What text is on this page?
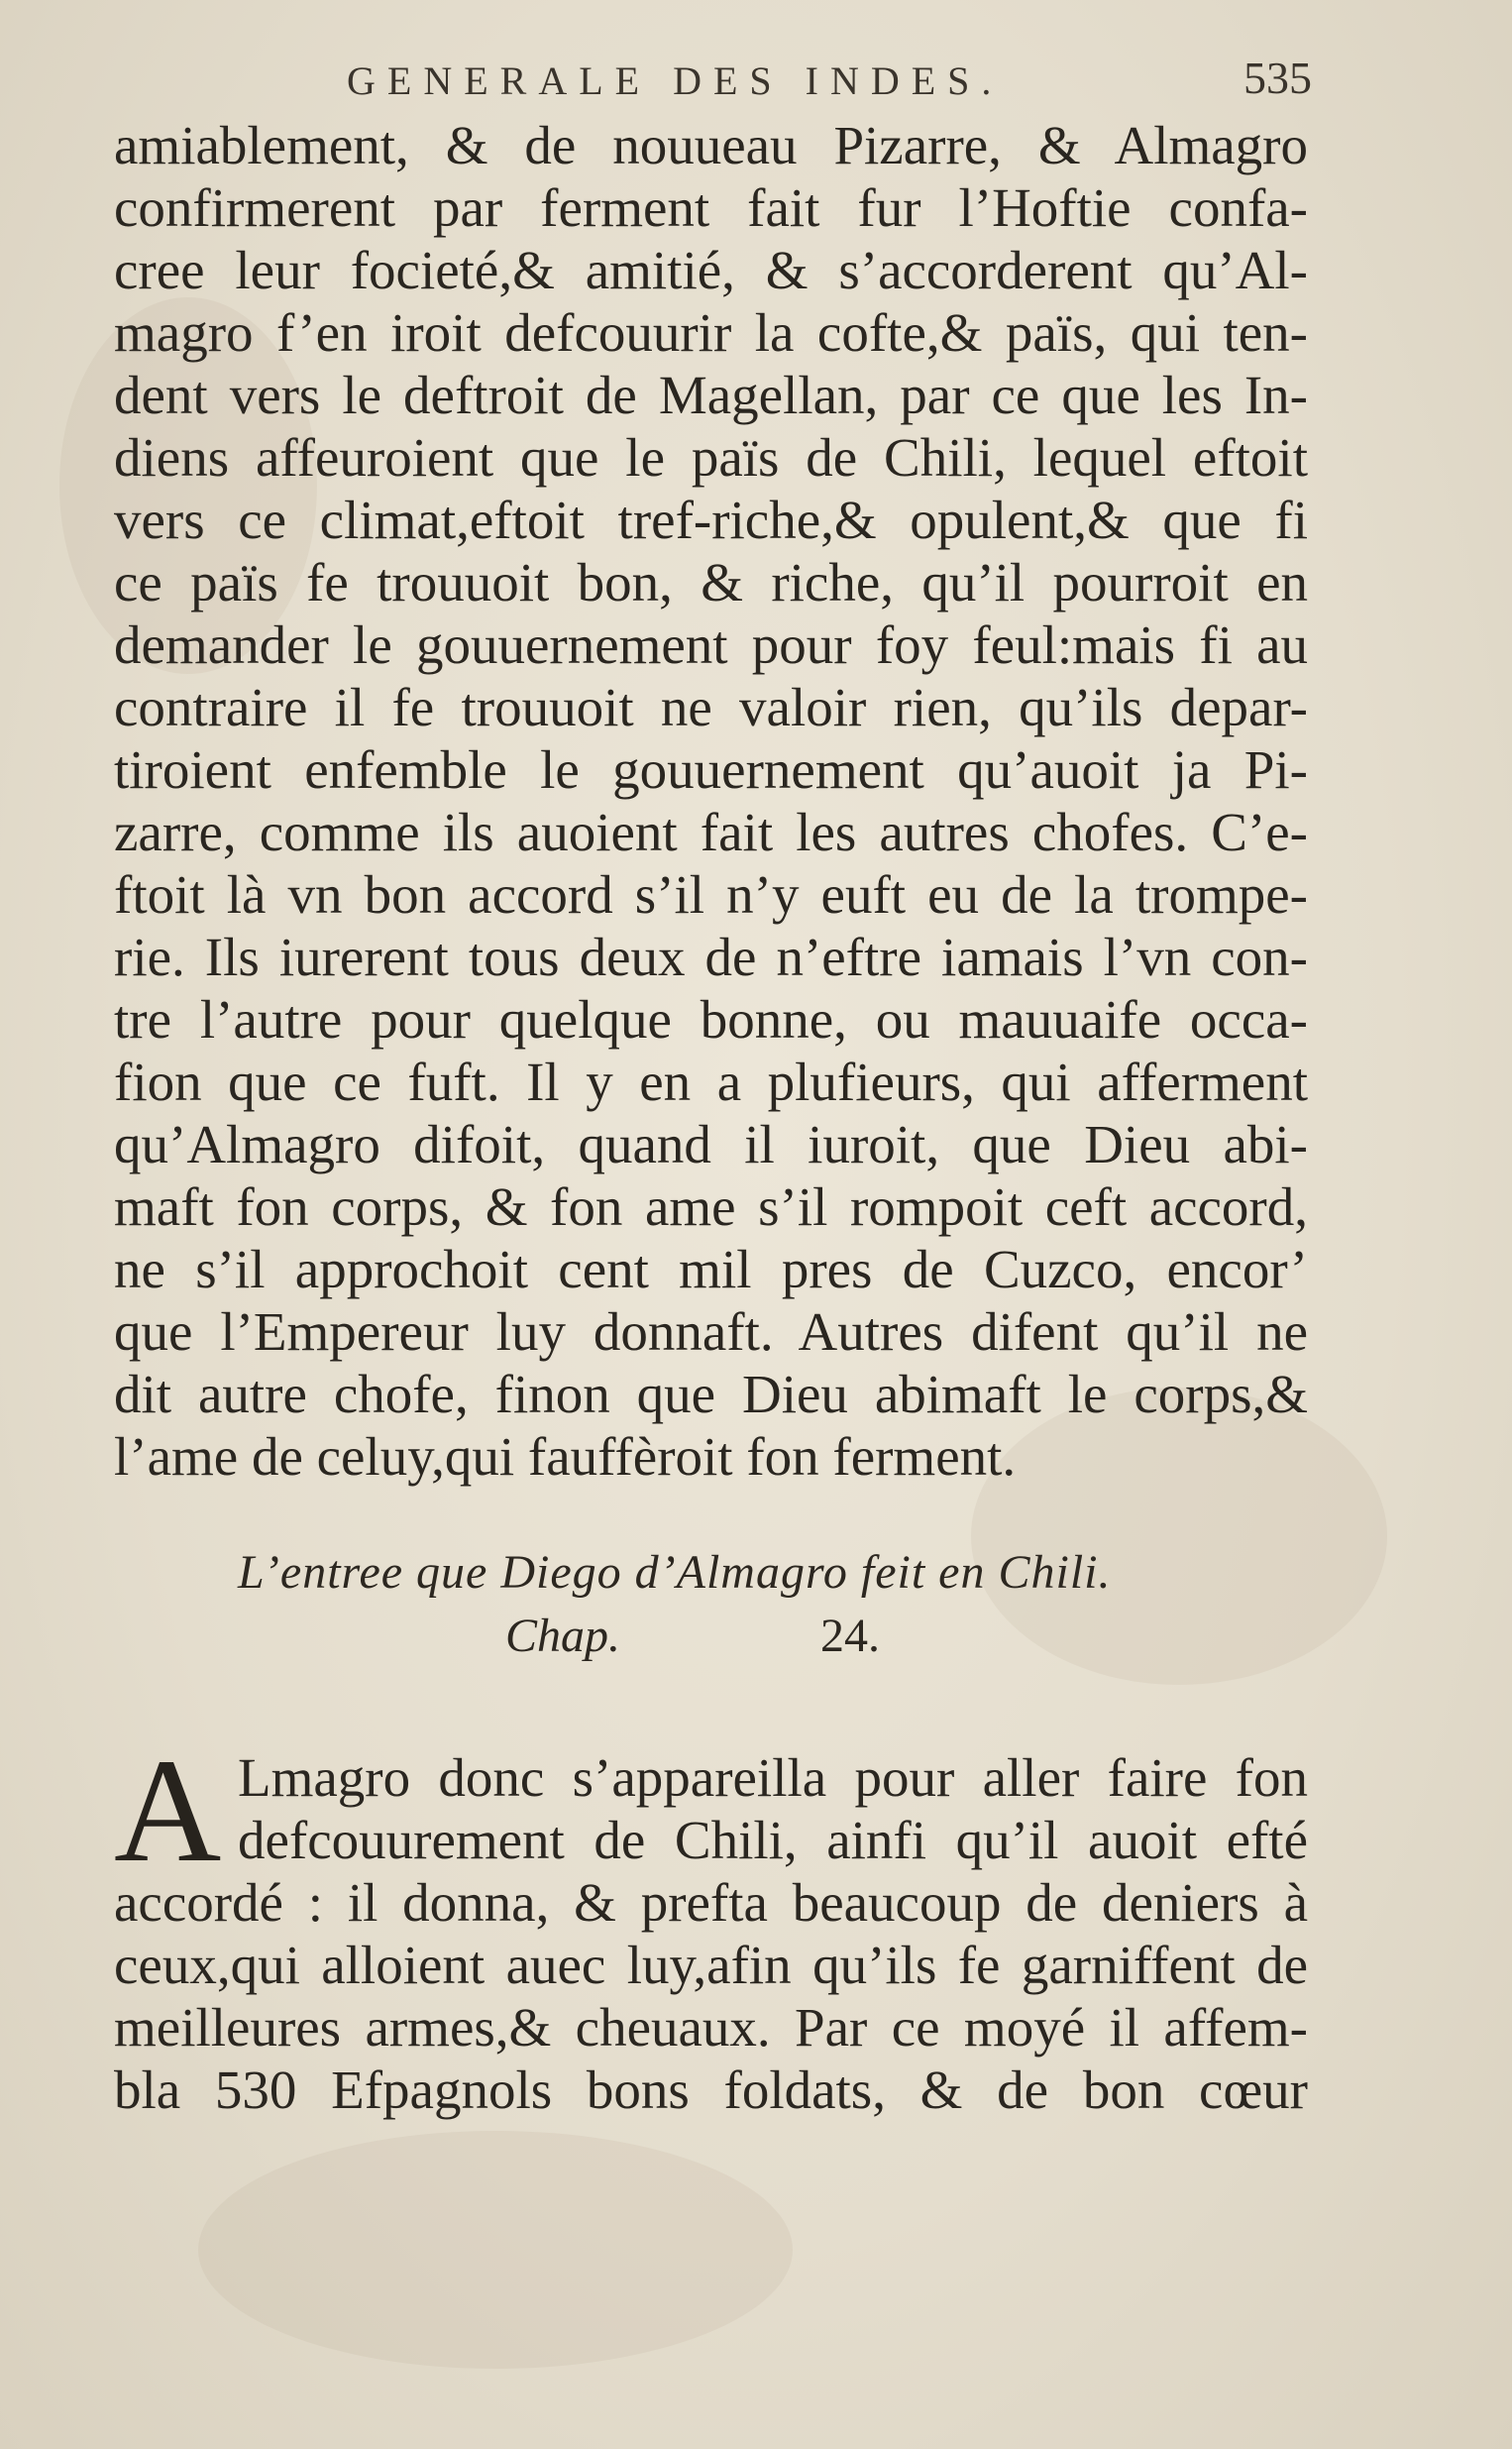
GENERALE DES INDES.	535
amiablement, & de nouueau Pizarre, & Almagro
confirmerent par ferment fait fur l’Hoftie confa-
cree leur focieté,& amitié, & s’accorderent qu’Al-
magro f’en iroit defcouurir la cofte,& païs, qui ten-
dent vers le deftroit de Magellan, par ce que les In-
diens affeuroient que le païs de Chili, lequel eftoit
vers ce climat,eftoit tref-riche,& opulent,& que fi
ce païs fe trouuoit bon, & riche, qu’il pourroit en
demander le gouuernement pour foy feul:mais fi au
contraire il fe trouuoit ne valoir rien, qu’ils depar-
tiroient enfemble le gouuernement qu’auoit ja Pi-
zarre, comme ils auoient fait les autres chofes. C’e-
ftoit là vn bon accord s’il n’y euft eu de la trompe-
rie. Ils iurerent tous deux de n’eftre iamais l’vn con-
tre l’autre pour quelque bonne, ou mauuaife occa-
fion que ce fuft. Il y en a plufieurs, qui afferment
qu’Almagro difoit, quand il iuroit, que Dieu abi-
maft fon corps, & fon ame s’il rompoit ceft accord,
ne s’il approchoit cent mil pres de Cuzco, encor’
que l’Empereur luy donnaft. Autres difent qu’il ne
dit autre chofe, finon que Dieu abimaft le corps,&
l’ame de celuy,qui fauffèroit fon ferment.
L’entree que Diego d’Almagro feit en Chili.
Chap.	24.
A Lmagro donc s’appareilla pour aller faire fon
defcouurement de Chili, ainfi qu’il auoit efté
accordé : il donna, & prefta beaucoup de deniers à
ceux,qui alloient auec luy,afin qu’ils fe garniffent de
meilleures armes,& cheuaux. Par ce moyé il affem-
bla 530 Efpagnols bons foldats, & de bon cœur
